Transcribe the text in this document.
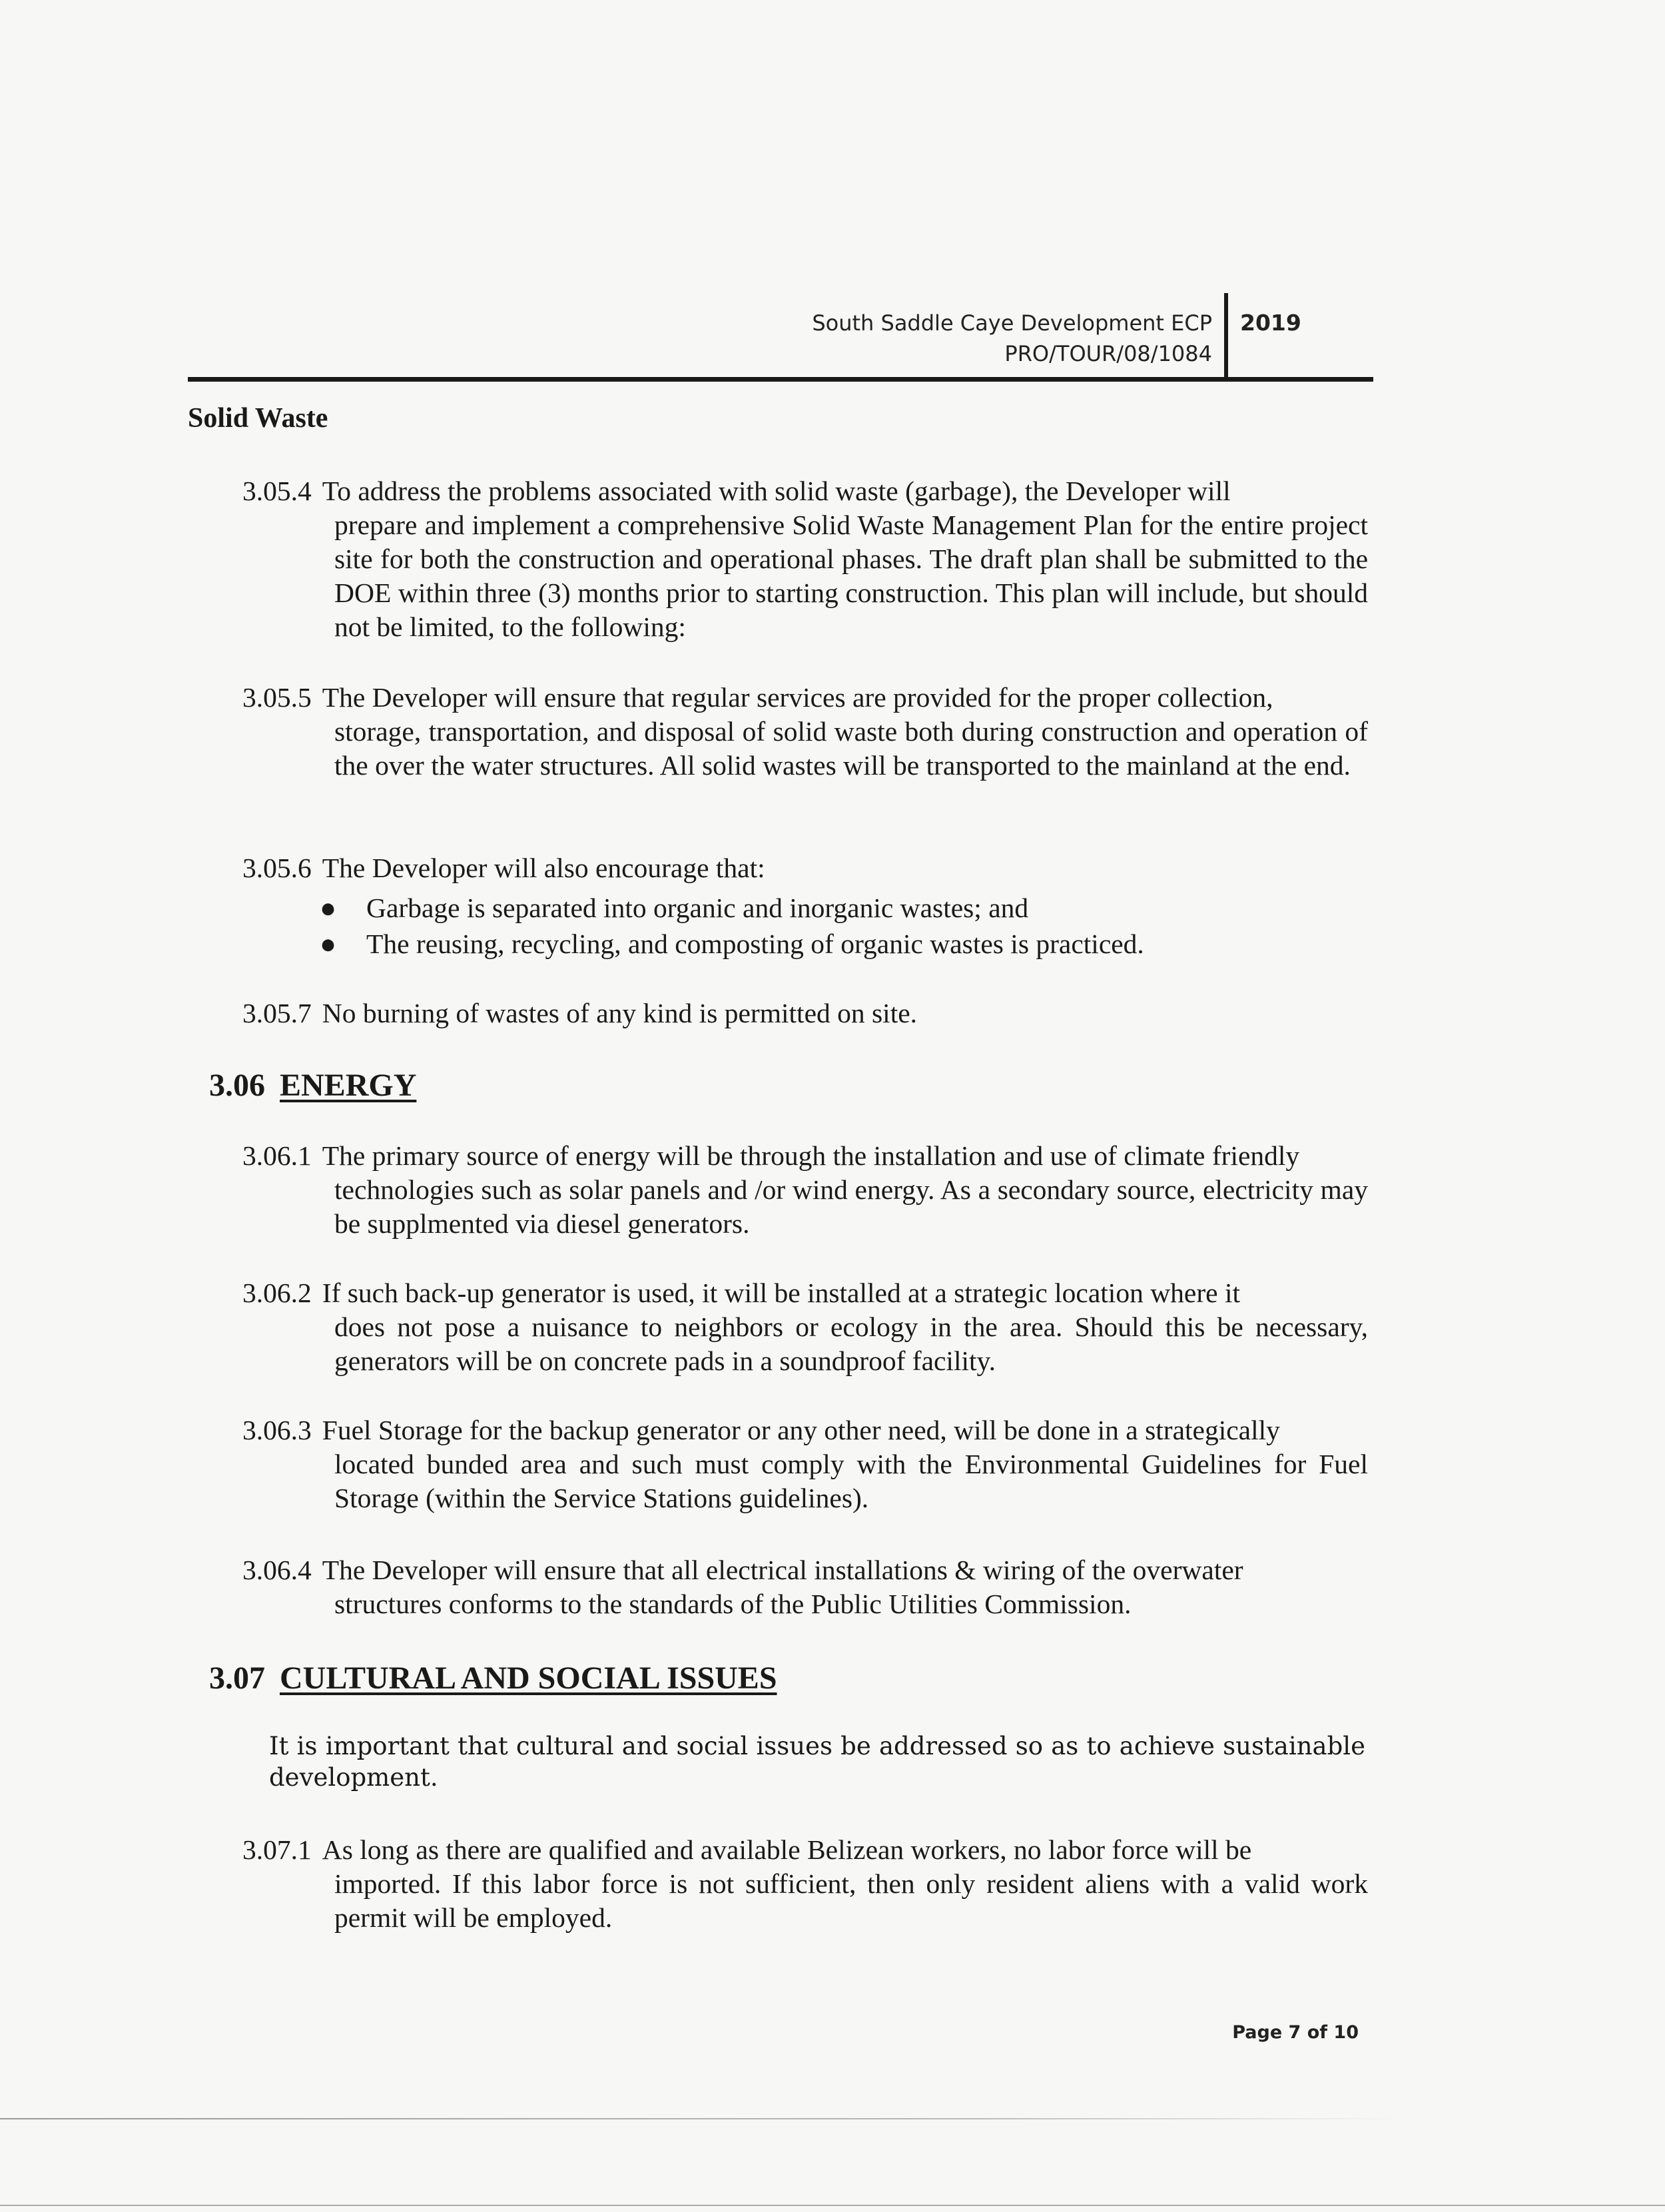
South Saddle Caye Development ECP
PRO/TOUR/08/1084
2019
Solid Waste
3.05.4 To address the problems associated with solid waste (garbage), the Developer will
prepare and implement a comprehensive Solid Waste Management Plan for the entire project site for both the construction and operational phases. The draft plan shall be submitted to the DOE within three (3) months prior to starting construction. This plan will include, but should not be limited, to the following:
3.05.5 The Developer will ensure that regular services are provided for the proper collection,
storage, transportation, and disposal of solid waste both during construction and operation of the over the water structures. All solid wastes will be transported to the mainland at the end.
3.05.6 The Developer will also encourage that:
●	Garbage is separated into organic and inorganic wastes; and
●	The reusing, recycling, and composting of organic wastes is practiced.
3.05.7 No burning of wastes of any kind is permitted on site.
3.06 ENERGY
3.06.1 The primary source of energy will be through the installation and use of climate friendly
technologies such as solar panels and /or wind energy. As a secondary source, electricity may be supplmented via diesel generators.
3.06.2 If such back-up generator is used, it will be installed at a strategic location where it
does not pose a nuisance to neighbors or ecology in the area. Should this be necessary, generators will be on concrete pads in a soundproof facility.
3.06.3 Fuel Storage for the backup generator or any other need, will be done in a strategically
located bunded area and such must comply with the Environmental Guidelines for Fuel Storage (within the Service Stations guidelines).
3.06.4 The Developer will ensure that all electrical installations & wiring of the overwater
structures conforms to the standards of the Public Utilities Commission.
3.07 CULTURAL AND SOCIAL ISSUES
It is important that cultural and social issues be addressed so as to achieve sustainable development.
3.07.1 As long as there are qualified and available Belizean workers, no labor force will be
imported. If this labor force is not sufficient, then only resident aliens with a valid work permit will be employed.
Page 7 of 10
